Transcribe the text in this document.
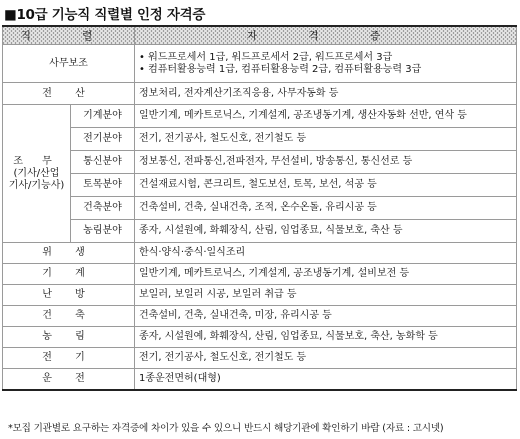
■10급 기능직 직렬별 인정 자격증
직 렬		자 격 증

사무보조		• 워드프로세서 1급, 워드프로세서 2급, 워드프로세서 3급
• 컴퓨터활용능력 1급, 컴퓨터활용능력 2급, 컴퓨터활용능력 3급

전 산		정보처리, 전자계산기조직응용, 사무자동화 등

조 무
(기사/산업
기사/기능사)	기계분야	일반기계, 메카트로닉스, 기계설계, 공조냉동기계, 생산자동화 선반, 연삭 등
	전기분야	전기, 전기공사, 철도신호, 전기철도 등
	통신분야	정보통신, 전파통신,전파전자, 무선설비, 방송통신, 통신선로 등
	토목분야	건설재료시험, 콘크리트, 철도보선, 토목, 보선, 석공 등
	건축분야	건축설비, 건축, 실내건축, 조적, 온수온돌, 유리시공 등
	농림분야	종자, 시설원예, 화훼장식, 산림, 임업종묘, 식물보호, 축산 등

위 생		한식·양식·중식·일식조리

기 계		일반기계, 메카트로닉스, 기계설계, 공조냉동기계, 설비보전 등

난 방		보일러, 보일러 시공, 보일러 취급 등

건 축		건축설비, 건축, 실내건축, 미장, 유리시공 등

농 림		종자, 시설원예, 화훼장식, 산림, 임업종묘, 식물보호, 축산, 농화학 등

전 기		전기, 전기공사, 철도신호, 전기철도 등

운 전		1종운전면허(대형)
*모집 기관별로 요구하는 자격증에 차이가 있을 수 있으니 반드시 해당기관에 확인하기 바람 (자료 : 고시넷)
